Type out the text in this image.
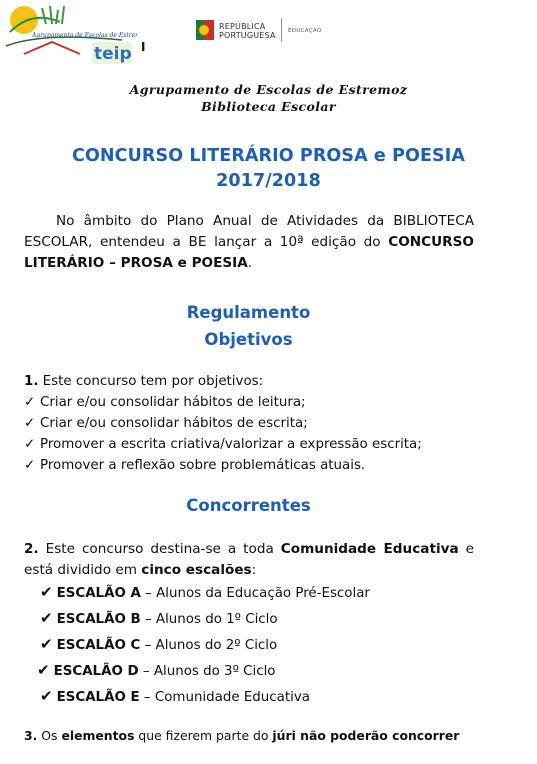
teip
Agrupamento de Escolas de Estremoz
I
REPÚBLICA
PORTUGUESA EDUCAÇÃO
Agrupamento de Escolas de Estremoz
Biblioteca Escolar
CONCURSO LITERÁRIO PROSA e POESIA
2017/2018
No âmbito do Plano Anual de Atividades da BIBLIOTECA ESCOLAR, entendeu a BE lançar a 10ª edição do CONCURSO LITERÁRIO – PROSA e POESIA.
Regulamento
Objetivos
1. Este concurso tem por objetivos:
✓ Criar e/ou consolidar hábitos de leitura;
✓ Criar e/ou consolidar hábitos de escrita;
✓ Promover a escrita criativa/valorizar a expressão escrita;
✓ Promover a reflexão sobre problemáticas atuais.
Concorrentes
2. Este concurso destina-se a toda Comunidade Educativa e está dividido em cinco escalões:
✔ ESCALÃO A – Alunos da Educação Pré-Escolar
✔ ESCALÃO B – Alunos do 1º Ciclo
✔ ESCALÃO C – Alunos do 2º Ciclo
✔ ESCALÃO D – Alunos do 3º Ciclo
✔ ESCALÃO E – Comunidade Educativa
3. Os elementos que fizerem parte do júri não poderão concorrer
